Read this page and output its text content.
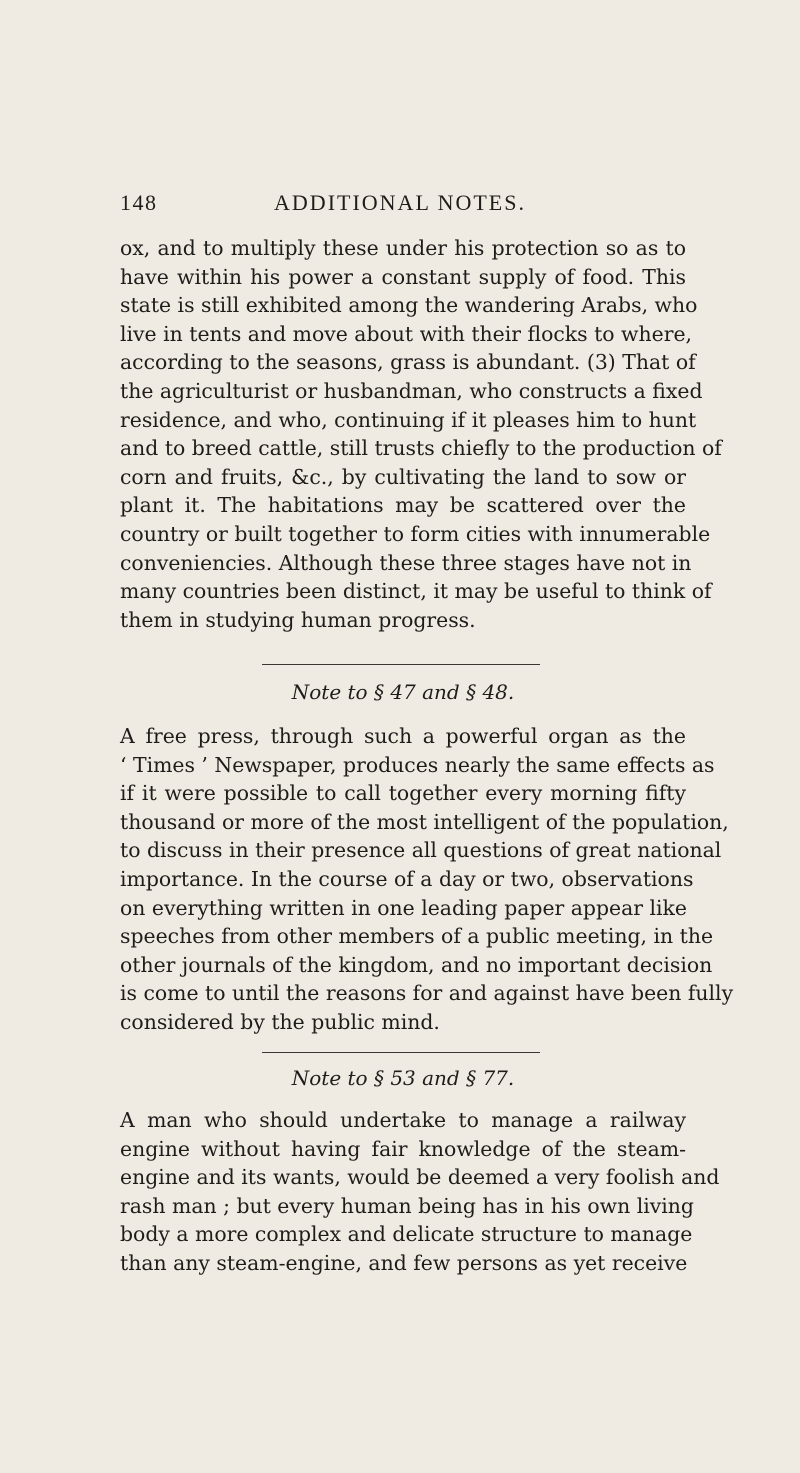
148	ADDITIONAL NOTES.

ox, and to multiply these under his protection so as to
have within his power a constant supply of food. This
state is still exhibited among the wandering Arabs, who
live in tents and move about with their flocks to where,
according to the seasons, grass is abundant. (3) That of
the agriculturist or husbandman, who constructs a fixed
residence, and who, continuing if it pleases him to hunt
and to breed cattle, still trusts chiefly to the production of
corn and fruits, &c., by cultivating the land to sow or
plant it. The habitations may be scattered over the
country or built together to form cities with innumerable
conveniencies. Although these three stages have not in
many countries been distinct, it may be useful to think of
them in studying human progress.

Note to § 47 and § 48.

A free press, through such a powerful organ as the
‘ Times ’ Newspaper, produces nearly the same effects as
if it were possible to call together every morning fifty
thousand or more of the most intelligent of the population,
to discuss in their presence all questions of great national
importance. In the course of a day or two, observations
on everything written in one leading paper appear like
speeches from other members of a public meeting, in the
other journals of the kingdom, and no important decision
is come to until the reasons for and against have been fully
considered by the public mind.

Note to § 53 and § 77.

A man who should undertake to manage a railway
engine without having fair knowledge of the steam-
engine and its wants, would be deemed a very foolish and
rash man ; but every human being has in his own living
body a more complex and delicate structure to manage
than any steam-engine, and few persons as yet receive
